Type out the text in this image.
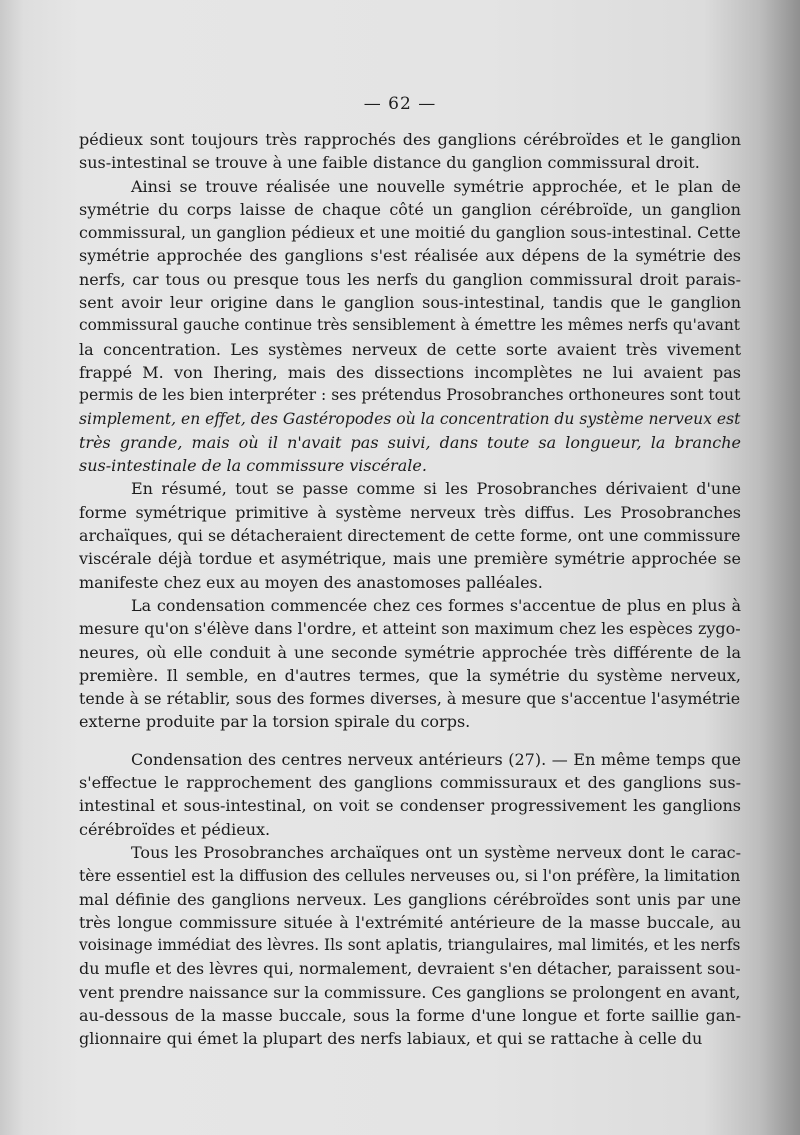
— 62 —
pédieux sont toujours très rapprochés des ganglions cérébroïdes et le ganglion
sus-intestinal se trouve à une faible distance du ganglion commissural droit.
Ainsi se trouve réalisée une nouvelle symétrie approchée, et le plan de
symétrie du corps laisse de chaque côté un ganglion cérébroïde, un ganglion
commissural, un ganglion pédieux et une moitié du ganglion sous-intestinal. Cette
symétrie approchée des ganglions s'est réalisée aux dépens de la symétrie des
nerfs, car tous ou presque tous les nerfs du ganglion commissural droit parais-
sent avoir leur origine dans le ganglion sous-intestinal, tandis que le ganglion
commissural gauche continue très sensiblement à émettre les mêmes nerfs qu'avant
la concentration. Les systèmes nerveux de cette sorte avaient très vivement
frappé M. von Ihering, mais des dissections incomplètes ne lui avaient pas
permis de les bien interpréter : ses prétendus Prosobranches orthoneures sont tout
simplement, en effet, des Gastéropodes où la concentration du système nerveux est
très grande, mais où il n'avait pas suivi, dans toute sa longueur, la branche
sus-intestinale de la commissure viscérale.
En résumé, tout se passe comme si les Prosobranches dérivaient d'une
forme symétrique primitive à système nerveux très diffus. Les Prosobranches
archaïques, qui se détacheraient directement de cette forme, ont une commissure
viscérale déjà tordue et asymétrique, mais une première symétrie approchée se
manifeste chez eux au moyen des anastomoses palléales.
La condensation commencée chez ces formes s'accentue de plus en plus à
mesure qu'on s'élève dans l'ordre, et atteint son maximum chez les espèces zygo-
neures, où elle conduit à une seconde symétrie approchée très différente de la
première. Il semble, en d'autres termes, que la symétrie du système nerveux,
tende à se rétablir, sous des formes diverses, à mesure que s'accentue l'asymétrie
externe produite par la torsion spirale du corps.
Condensation des centres nerveux antérieurs (27). — En même temps que
s'effectue le rapprochement des ganglions commissuraux et des ganglions sus-
intestinal et sous-intestinal, on voit se condenser progressivement les ganglions
cérébroïdes et pédieux.
Tous les Prosobranches archaïques ont un système nerveux dont le carac-
tère essentiel est la diffusion des cellules nerveuses ou, si l'on préfère, la limitation
mal définie des ganglions nerveux. Les ganglions cérébroïdes sont unis par une
très longue commissure située à l'extrémité antérieure de la masse buccale, au
voisinage immédiat des lèvres. Ils sont aplatis, triangulaires, mal limités, et les nerfs
du mufle et des lèvres qui, normalement, devraient s'en détacher, paraissent sou-
vent prendre naissance sur la commissure. Ces ganglions se prolongent en avant,
au-dessous de la masse buccale, sous la forme d'une longue et forte saillie gan-
glionnaire qui émet la plupart des nerfs labiaux, et qui se rattache à celle du
